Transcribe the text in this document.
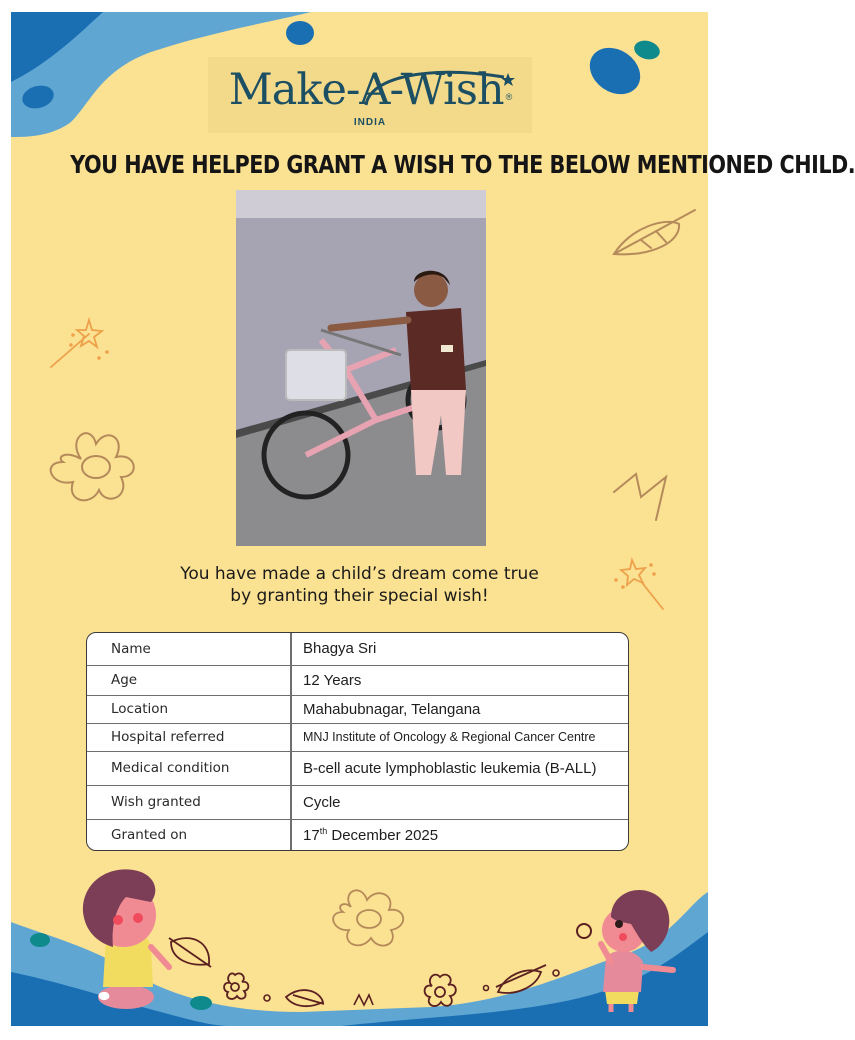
Make-A-Wish ®
INDIA
YOU HAVE HELPED GRANT A WISH TO THE BELOW MENTIONED CHILD.
You have made a child’s dream come true
by granting their special wish!
Name	Bhagya Sri
Age	12 Years
Location	Mahabubnagar, Telangana
Hospital referred	MNJ Institute of Oncology & Regional Cancer Centre
Medical condition	B-cell acute lymphoblastic leukemia (B-ALL)
Wish granted	Cycle
Granted on	17th December 2025
